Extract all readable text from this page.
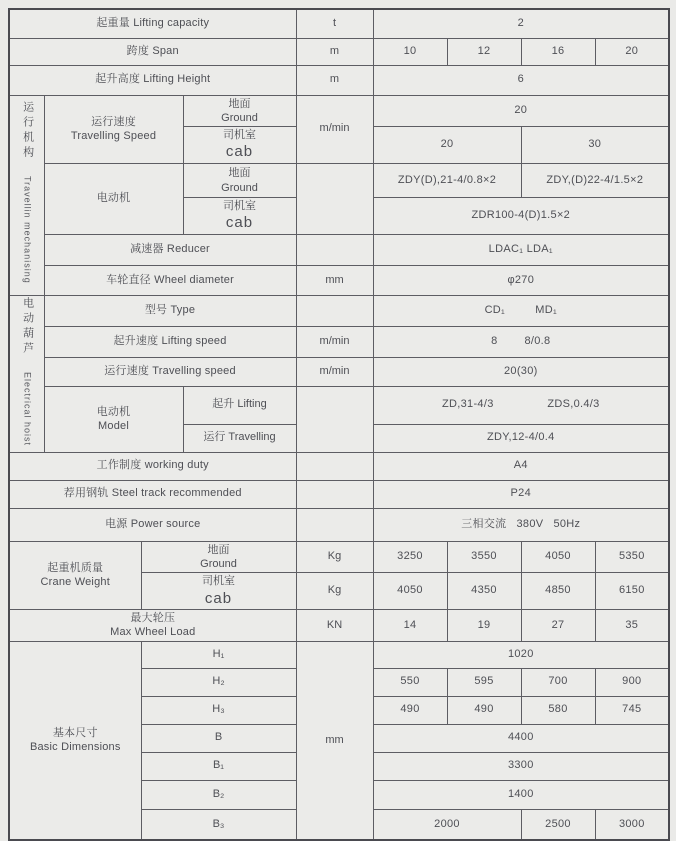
起重量 Lifting capacity				t	2			
跨度 Span				m	10	12	16	20
起升高度 Lifting Height				m	6			
运行机构 Travellin mechanising	
运行速度
Travelling Speed

地面
Ground
	m/min	20

			司机室
cab		20		30	
	电动机		地面
Ground		ZDY(D),21-4/0.8×2		ZDY,(D)22-4/1.5×2	

			司机室
cab		ZDR100-4(D)1.5×2			
	减速器 Reducer				LDAC₁ LDA₁			
	车轮直径 Wheel diameter			mm	φ270			
电动葫芦 Electrical hoist	型号 Type				CD₁         MD₁			
	起升速度 Lifting speed			m/min	8        8/0.8			
	运行速度 Travelling speed			m/min	20(30)			

	电动机
Model		起升 Lifting		ZD,31-4/3                ZDS,0.4/3			
			运行 Travelling		ZDY,12-4/0.4			
工作制度 working duty					A4			
荐用钢轨 Steel track recommended					P24			
电源 Power source					三相交流   380V   50Hz			

起重机质量
Crane Weight

地面
Ground
	Kg	3250	3550	4050	5350

		司机室
cab		Kg	4050	4350	4850	6150

最大轮压
Max Wheel Load				KN	14	19	27	35

基本尺寸
Basic Dimensions		H₁		mm	1020			
		H₂			550	595	700	900
		H₃			490	490	580	745
		B			4400			
		B₁			3300			
		B₂			1400			
		B₃			2000		2500	3000
